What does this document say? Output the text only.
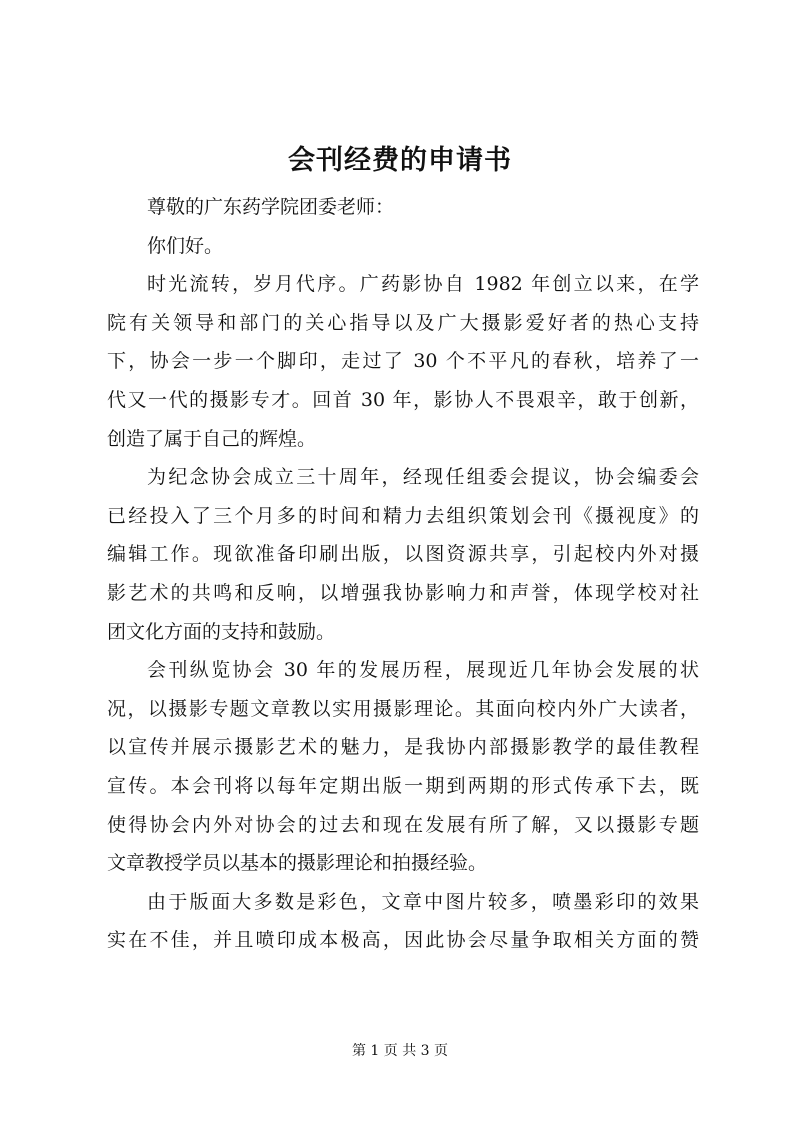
会刊经费的申请书
尊敬的广东药学院团委老师：
你们好。
时光流转，岁月代序。广药影协自 1982 年创立以来，在学
院有关领导和部门的关心指导以及广大摄影爱好者的热心支持
下，协会一步一个脚印，走过了 30 个不平凡的春秋，培养了一
代又一代的摄影专才。回首 30 年，影协人不畏艰辛，敢于创新，
创造了属于自己的辉煌。
为纪念协会成立三十周年，经现任组委会提议，协会编委会
已经投入了三个月多的时间和精力去组织策划会刊《摄视度》的
编辑工作。现欲准备印刷出版，以图资源共享，引起校内外对摄
影艺术的共鸣和反响，以增强我协影响力和声誉，体现学校对社
团文化方面的支持和鼓励。
会刊纵览协会 30 年的发展历程，展现近几年协会发展的状
况，以摄影专题文章教以实用摄影理论。其面向校内外广大读者，
以宣传并展示摄影艺术的魅力，是我协内部摄影教学的最佳教程
宣传。本会刊将以每年定期出版一期到两期的形式传承下去，既
使得协会内外对协会的过去和现在发展有所了解，又以摄影专题
文章教授学员以基本的摄影理论和拍摄经验。
由于版面大多数是彩色，文章中图片较多，喷墨彩印的效果
实在不佳，并且喷印成本极高，因此协会尽量争取相关方面的赞
第 1 页 共 3 页
